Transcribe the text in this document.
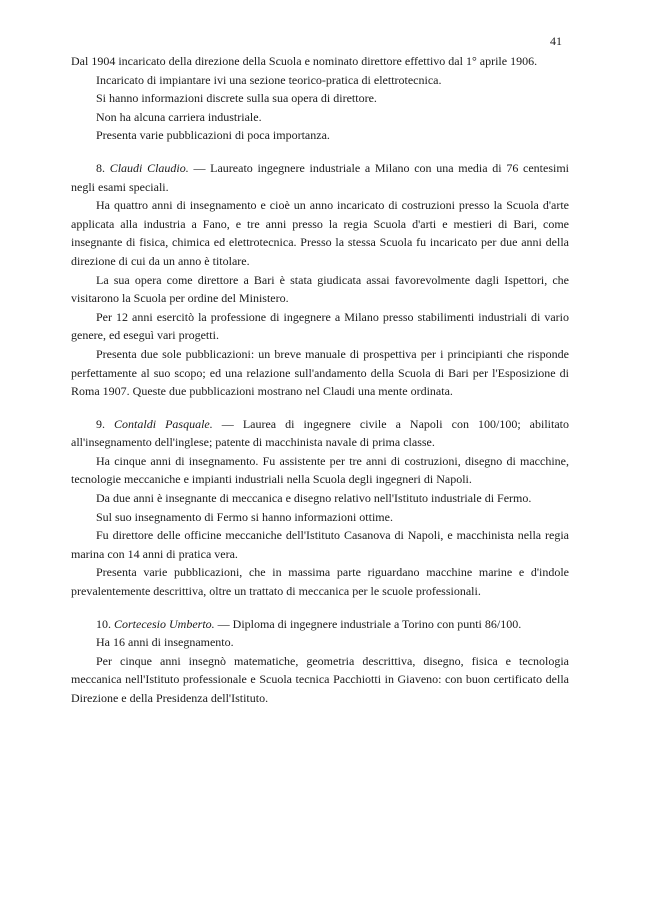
41

Dal 1904 incaricato della direzione della Scuola e nominato direttore effettivo dal 1° aprile 1906.

Incaricato di impiantare ivi una sezione teorico-pratica di elettrotecnica.

Si hanno informazioni discrete sulla sua opera di direttore.

Non ha alcuna carriera industriale.

Presenta varie pubblicazioni di poca importanza.

8. Claudi Claudio. — Laureato ingegnere industriale a Milano con una media di 76 centesimi negli esami speciali.

Ha quattro anni di insegnamento e cioè un anno incaricato di costruzioni presso la Scuola d'arte applicata alla industria a Fano, e tre anni presso la regia Scuola d'arti e mestieri di Bari, come insegnante di fisica, chimica ed elettrotecnica. Presso la stessa Scuola fu incaricato per due anni della direzione di cui da un anno è titolare.

La sua opera come direttore a Bari è stata giudicata assai favorevolmente dagli Ispettori, che visitarono la Scuola per ordine del Ministero.

Per 12 anni esercitò la professione di ingegnere a Milano presso stabilimenti industriali di vario genere, ed eseguì vari progetti.

Presenta due sole pubblicazioni: un breve manuale di prospettiva per i principianti che risponde perfettamente al suo scopo; ed una relazione sull'andamento della Scuola di Bari per l'Esposizione di Roma 1907. Queste due pubblicazioni mostrano nel Claudi una mente ordinata.

9. Contaldi Pasquale. — Laurea di ingegnere civile a Napoli con 100/100; abilitato all'insegnamento dell'inglese; patente di macchinista navale di prima classe.

Ha cinque anni di insegnamento. Fu assistente per tre anni di costruzioni, disegno di macchine, tecnologie meccaniche e impianti industriali nella Scuola degli ingegneri di Napoli.

Da due anni è insegnante di meccanica e disegno relativo nell'Istituto industriale di Fermo.

Sul suo insegnamento di Fermo si hanno informazioni ottime.

Fu direttore delle officine meccaniche dell'Istituto Casanova di Napoli, e macchinista nella regia marina con 14 anni di pratica vera.

Presenta varie pubblicazioni, che in massima parte riguardano macchine marine e d'indole prevalentemente descrittiva, oltre un trattato di meccanica per le scuole professionali.

10. Cortecesio Umberto. — Diploma di ingegnere industriale a Torino con punti 86/100.

Ha 16 anni di insegnamento.

Per cinque anni insegnò matematiche, geometria descrittiva, disegno, fisica e tecnologia meccanica nell'Istituto professionale e Scuola tecnica Pacchiotti in Giaveno: con buon certificato della Direzione e della Presidenza dell'Istituto.
